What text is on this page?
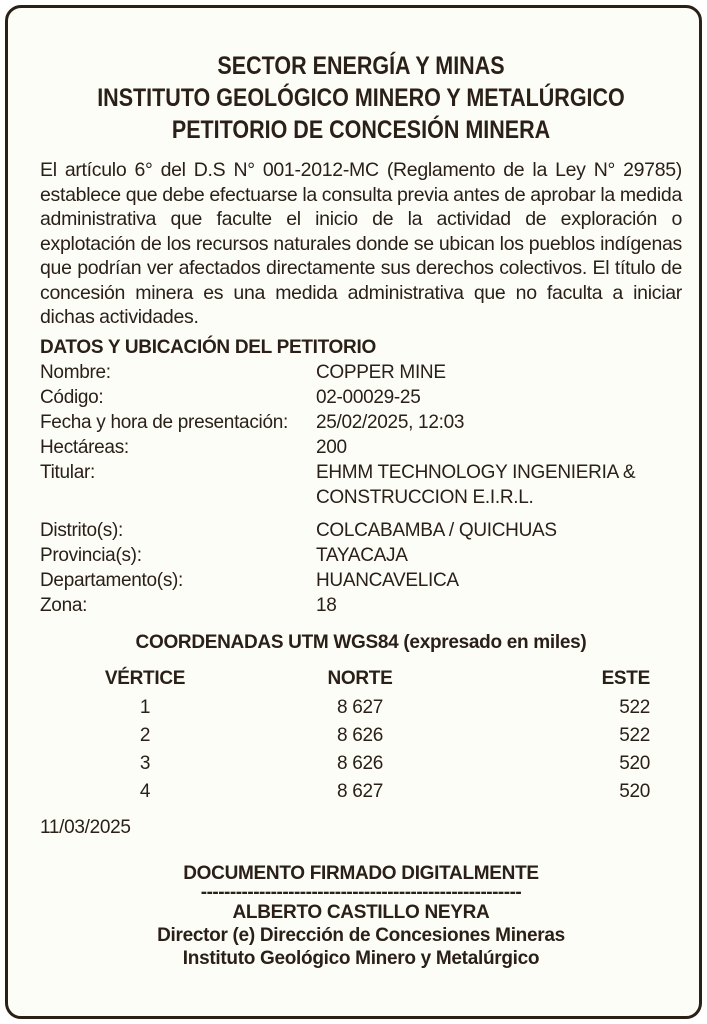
SECTOR ENERGÍA Y MINAS
INSTITUTO GEOLÓGICO MINERO Y METALÚRGICO
PETITORIO DE CONCESIÓN MINERA
El artículo 6° del D.S N° 001-2012-MC (Reglamento de la Ley N° 29785) establece que debe efectuarse la consulta previa antes de aprobar la medida administrativa que faculte el inicio de la actividad de exploración o explotación de los recursos naturales donde se ubican los pueblos indígenas que podrían ver afectados directamente sus derechos colectivos. El título de concesión minera es una medida administrativa que no faculta a iniciar dichas actividades.
DATOS Y UBICACIÓN DEL PETITORIO
Nombre:	COPPER MINE
Código:	02-00029-25
Fecha y hora de presentación:	25/02/2025, 12:03
Hectáreas:	200
Titular:	EHMM TECHNOLOGY INGENIERIA &
CONSTRUCCION E.I.R.L.
Distrito(s):	COLCABAMBA / QUICHUAS
Provincia(s):	TAYACAJA
Departamento(s):	HUANCAVELICA
Zona:	18
COORDENADAS UTM WGS84 (expresado en miles)
VÉRTICE	NORTE	ESTE
1	8 627	522
2	8 626	522
3	8 626	520
4	8 627	520
11/03/2025
DOCUMENTO FIRMADO DIGITALMENTE
-------------------------------------------------------
ALBERTO CASTILLO NEYRA
Director (e) Dirección de Concesiones Mineras
Instituto Geológico Minero y Metalúrgico
